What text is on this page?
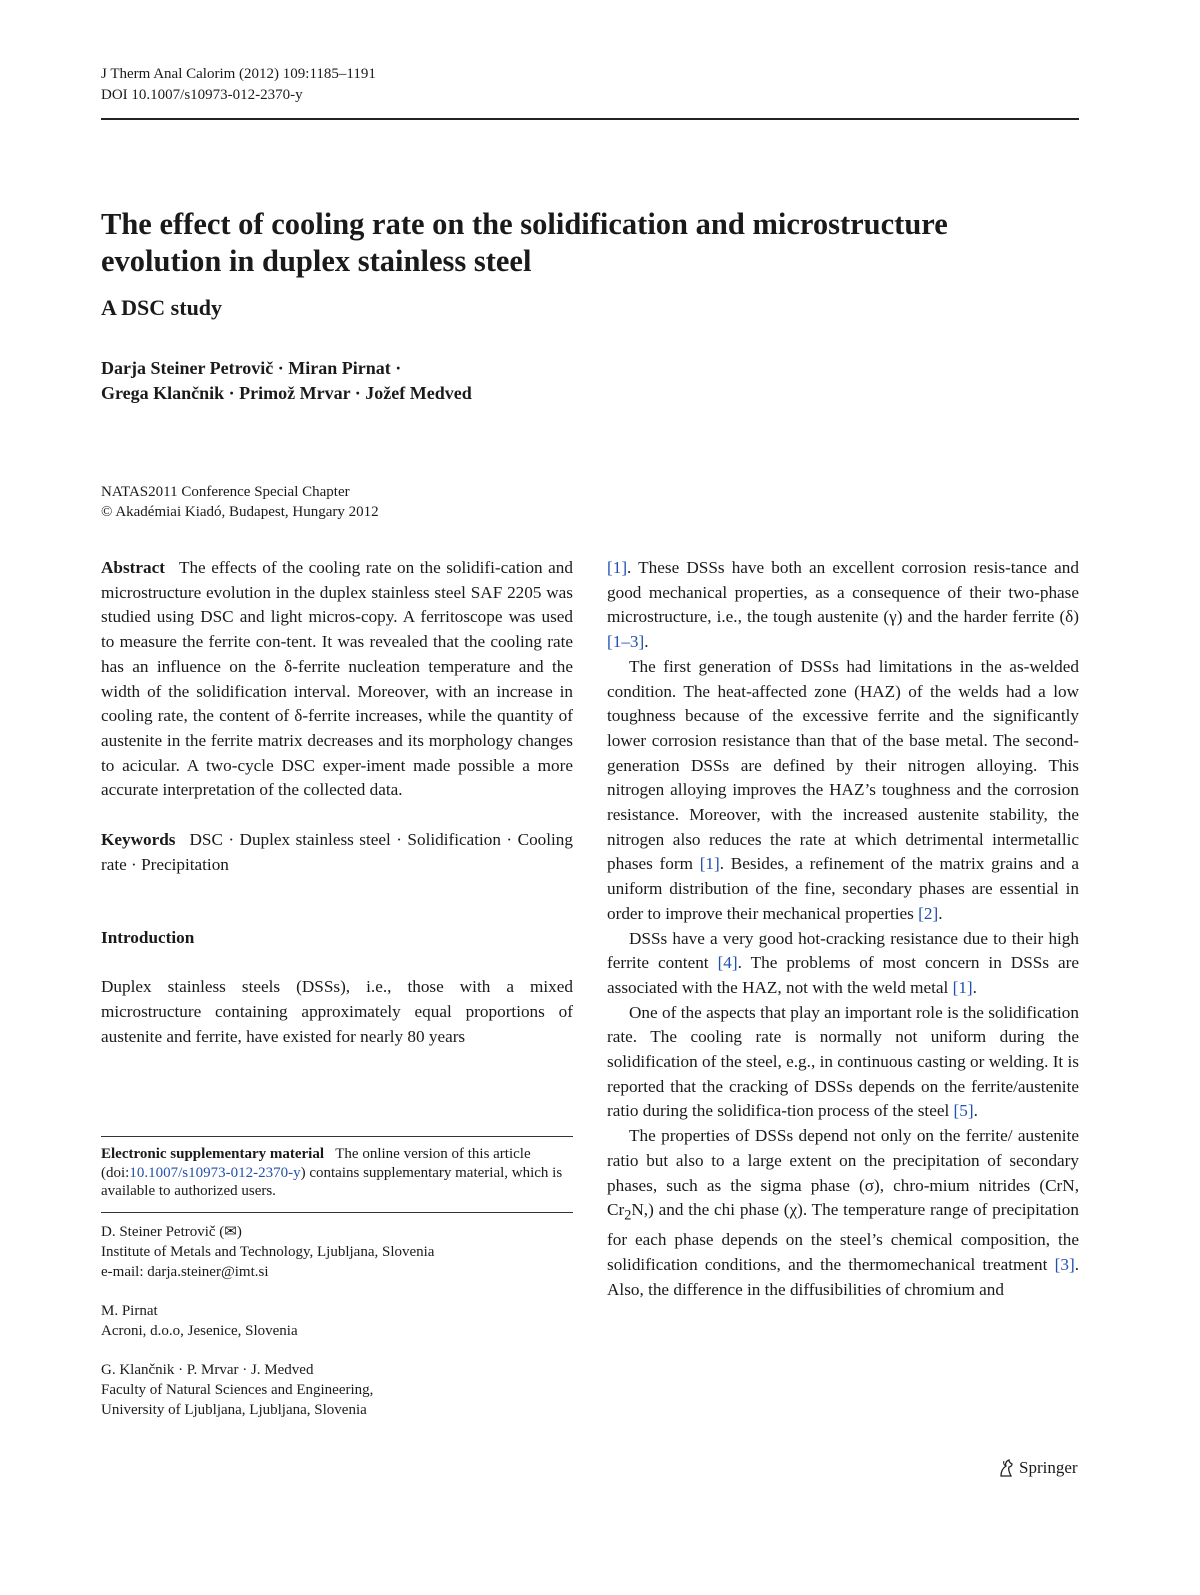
J Therm Anal Calorim (2012) 109:1185–1191
DOI 10.1007/s10973-012-2370-y
The effect of cooling rate on the solidification and microstructure evolution in duplex stainless steel
A DSC study
Darja Steiner Petrovič · Miran Pirnat ·
Grega Klančnik · Primož Mrvar · Jožef Medved
NATAS2011 Conference Special Chapter
© Akadémiai Kiadó, Budapest, Hungary 2012

Abstract The effects of the cooling rate on the solidifi-cation and microstructure evolution in the duplex stainless steel SAF 2205 was studied using DSC and light micros-copy. A ferritoscope was used to measure the ferrite con-tent. It was revealed that the cooling rate has an influence on the δ-ferrite nucleation temperature and the width of the solidification interval. Moreover, with an increase in cooling rate, the content of δ-ferrite increases, while the quantity of austenite in the ferrite matrix decreases and its morphology changes to acicular. A two-cycle DSC exper-iment made possible a more accurate interpretation of the collected data.

Keywords DSC · Duplex stainless steel · Solidification · Cooling rate · Precipitation

Introduction

Duplex stainless steels (DSSs), i.e., those with a mixed microstructure containing approximately equal proportions of austenite and ferrite, have existed for nearly 80 years

Electronic supplementary material The online version of this article (doi:10.1007/s10973-012-2370-y) contains supplementary material, which is available to authorized users.
D. Steiner Petrovič (✉)
Institute of Metals and Technology, Ljubljana, Slovenia
e-mail: darja.steiner@imt.si
M. Pirnat
Acroni, d.o.o, Jesenice, Slovenia
G. Klančnik · P. Mrvar · J. Medved
Faculty of Natural Sciences and Engineering,
University of Ljubljana, Ljubljana, Slovenia

[1]. These DSSs have both an excellent corrosion resis-tance and good mechanical properties, as a consequence of their two-phase microstructure, i.e., the tough austenite (γ) and the harder ferrite (δ) [1–3].

The first generation of DSSs had limitations in the as-welded condition. The heat-affected zone (HAZ) of the welds had a low toughness because of the excessive ferrite and the significantly lower corrosion resistance than that of the base metal. The second-generation DSSs are defined by their nitrogen alloying. This nitrogen alloying improves the HAZ’s toughness and the corrosion resistance. Moreover, with the increased austenite stability, the nitrogen also reduces the rate at which detrimental intermetallic phases form [1]. Besides, a refinement of the matrix grains and a uniform distribution of the fine, secondary phases are essential in order to improve their mechanical properties [2].

DSSs have a very good hot-cracking resistance due to their high ferrite content [4]. The problems of most concern in DSSs are associated with the HAZ, not with the weld metal [1].

One of the aspects that play an important role is the solidification rate. The cooling rate is normally not uniform during the solidification of the steel, e.g., in continuous casting or welding. It is reported that the cracking of DSSs depends on the ferrite/austenite ratio during the solidifica-tion process of the steel [5].

The properties of DSSs depend not only on the ferrite/ austenite ratio but also to a large extent on the precipitation of secondary phases, such as the sigma phase (σ), chro-mium nitrides (CrN, $Cr_2N$,) and the chi phase (χ). The temperature range of precipitation for each phase depends on the steel’s chemical composition, the solidification conditions, and the thermomechanical treatment [3]. Also, the difference in the diffusibilities of chromium and

Springer
